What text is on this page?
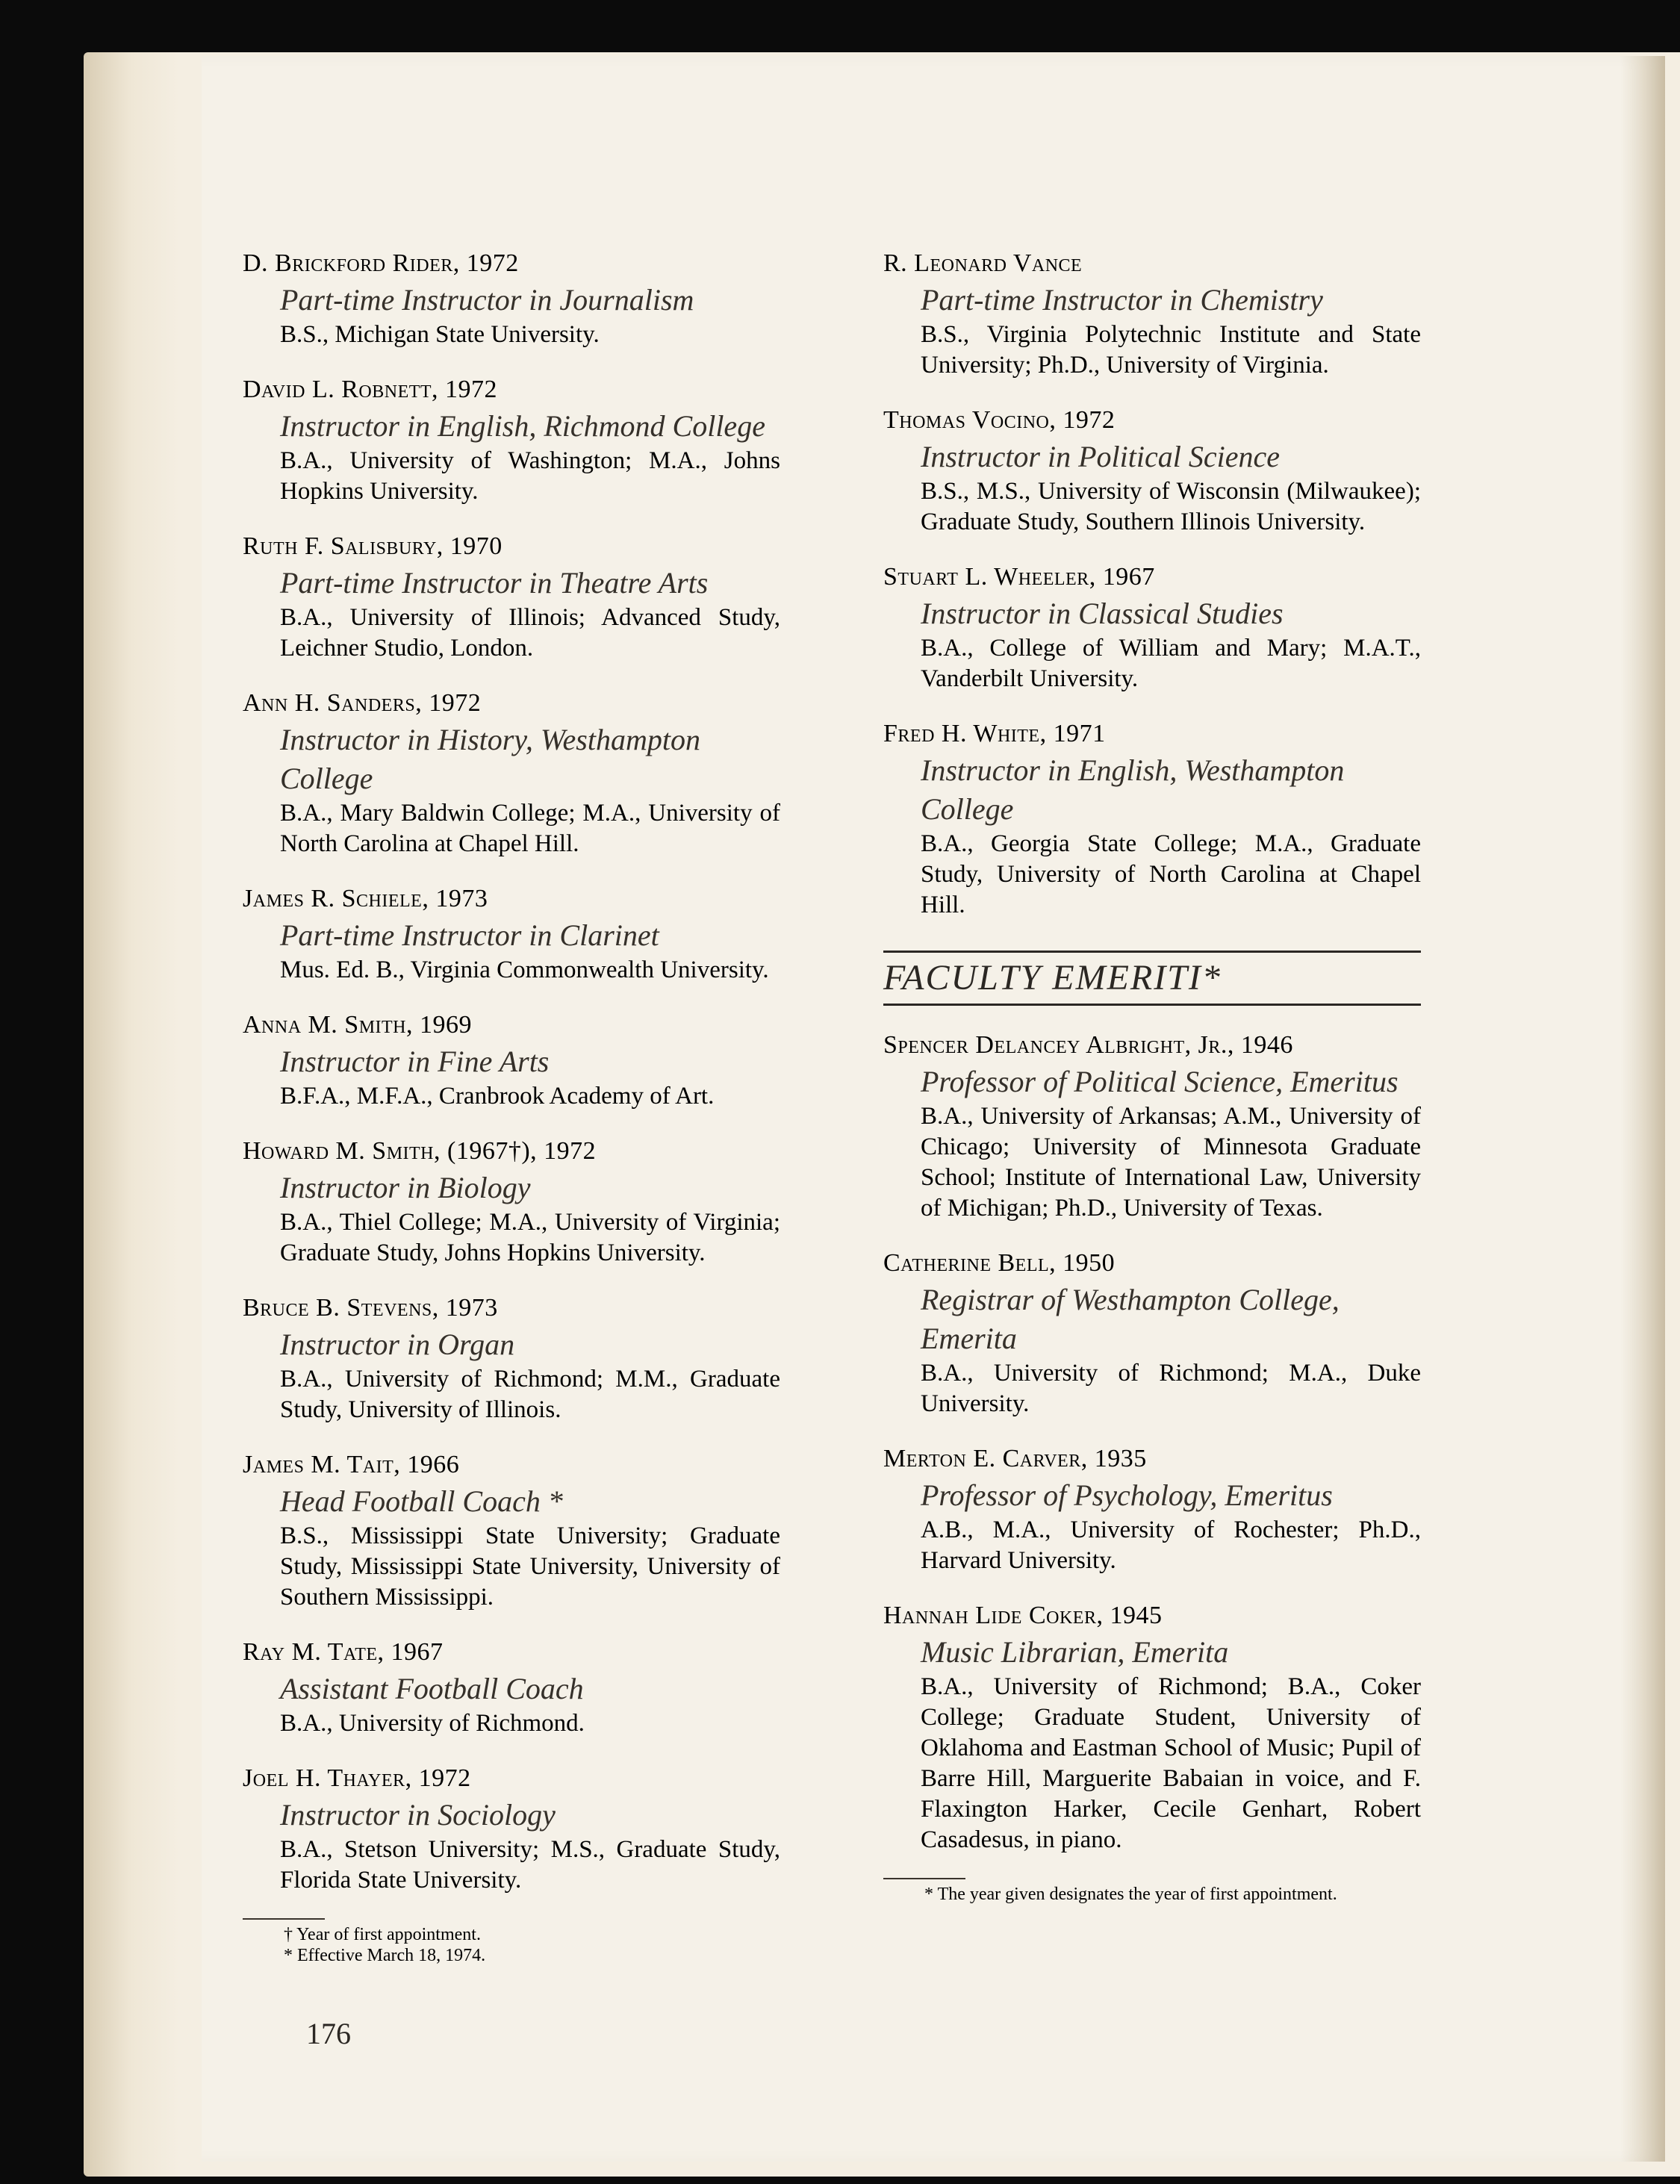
D. Brickford Rider, 1972
Part-time Instructor in Journalism
B.S., Michigan State University.
David L. Robnett, 1972
Instructor in English, Richmond College
B.A., University of Washington; M.A., Johns Hopkins University.
Ruth F. Salisbury, 1970
Part-time Instructor in Theatre Arts
B.A., University of Illinois; Advanced Study, Leichner Studio, London.
Ann H. Sanders, 1972
Instructor in History, Westhampton College
B.A., Mary Baldwin College; M.A., University of North Carolina at Chapel Hill.
James R. Schiele, 1973
Part-time Instructor in Clarinet
Mus. Ed. B., Virginia Commonwealth University.
Anna M. Smith, 1969
Instructor in Fine Arts
B.F.A., M.F.A., Cranbrook Academy of Art.
Howard M. Smith, (1967†), 1972
Instructor in Biology
B.A., Thiel College; M.A., University of Virginia; Graduate Study, Johns Hopkins University.
Bruce B. Stevens, 1973
Instructor in Organ
B.A., University of Richmond; M.M., Graduate Study, University of Illinois.
James M. Tait, 1966
Head Football Coach *
B.S., Mississippi State University; Graduate Study, Mississippi State University, University of Southern Mississippi.
Ray M. Tate, 1967
Assistant Football Coach
B.A., University of Richmond.
Joel H. Thayer, 1972
Instructor in Sociology
B.A., Stetson University; M.S., Graduate Study, Florida State University.
† Year of first appointment.
* Effective March 18, 1974.
R. Leonard Vance
Part-time Instructor in Chemistry
B.S., Virginia Polytechnic Institute and State University; Ph.D., University of Virginia.
Thomas Vocino, 1972
Instructor in Political Science
B.S., M.S., University of Wisconsin (Milwaukee); Graduate Study, Southern Illinois University.
Stuart L. Wheeler, 1967
Instructor in Classical Studies
B.A., College of William and Mary; M.A.T., Vanderbilt University.
Fred H. White, 1971
Instructor in English, Westhampton College
B.A., Georgia State College; M.A., Graduate Study, University of North Carolina at Chapel Hill.
FACULTY EMERITI*
Spencer Delancey Albright, Jr., 1946
Professor of Political Science, Emeritus
B.A., University of Arkansas; A.M., University of Chicago; University of Minnesota Graduate School; Institute of International Law, University of Michigan; Ph.D., University of Texas.
Catherine Bell, 1950
Registrar of Westhampton College, Emerita
B.A., University of Richmond; M.A., Duke University.
Merton E. Carver, 1935
Professor of Psychology, Emeritus
A.B., M.A., University of Rochester; Ph.D., Harvard University.
Hannah Lide Coker, 1945
Music Librarian, Emerita
B.A., University of Richmond; B.A., Coker College; Graduate Student, University of Oklahoma and Eastman School of Music; Pupil of Barre Hill, Marguerite Babaian in voice, and F. Flaxington Harker, Cecile Genhart, Robert Casadesus, in piano.
* The year given designates the year of first appointment.
176
